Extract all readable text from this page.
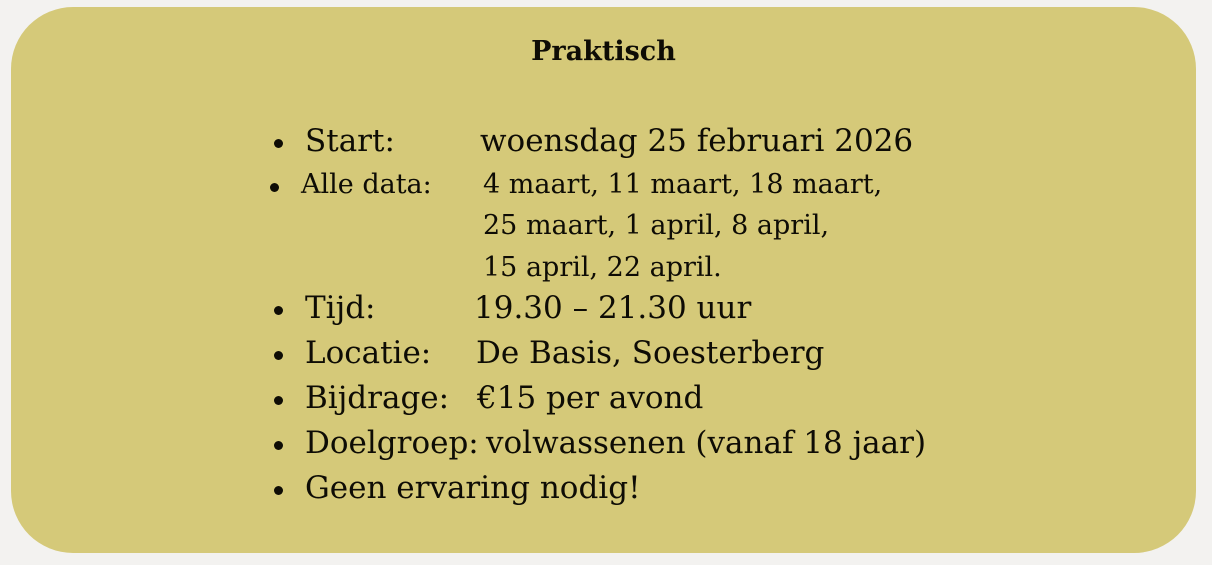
Praktisch
Start:	woensdag 25 februari 2026
Alle data: 4 maart, 11 maart, 18 maart,
25 maart, 1 april, 8 april,
15 april, 22 april.
Tijd:	19.30 – 21.30 uur
Locatie: De Basis, Soesterberg
Bijdrage: €15 per avond
Doelgroep: volwassenen (vanaf 18 jaar)
Geen ervaring nodig!
